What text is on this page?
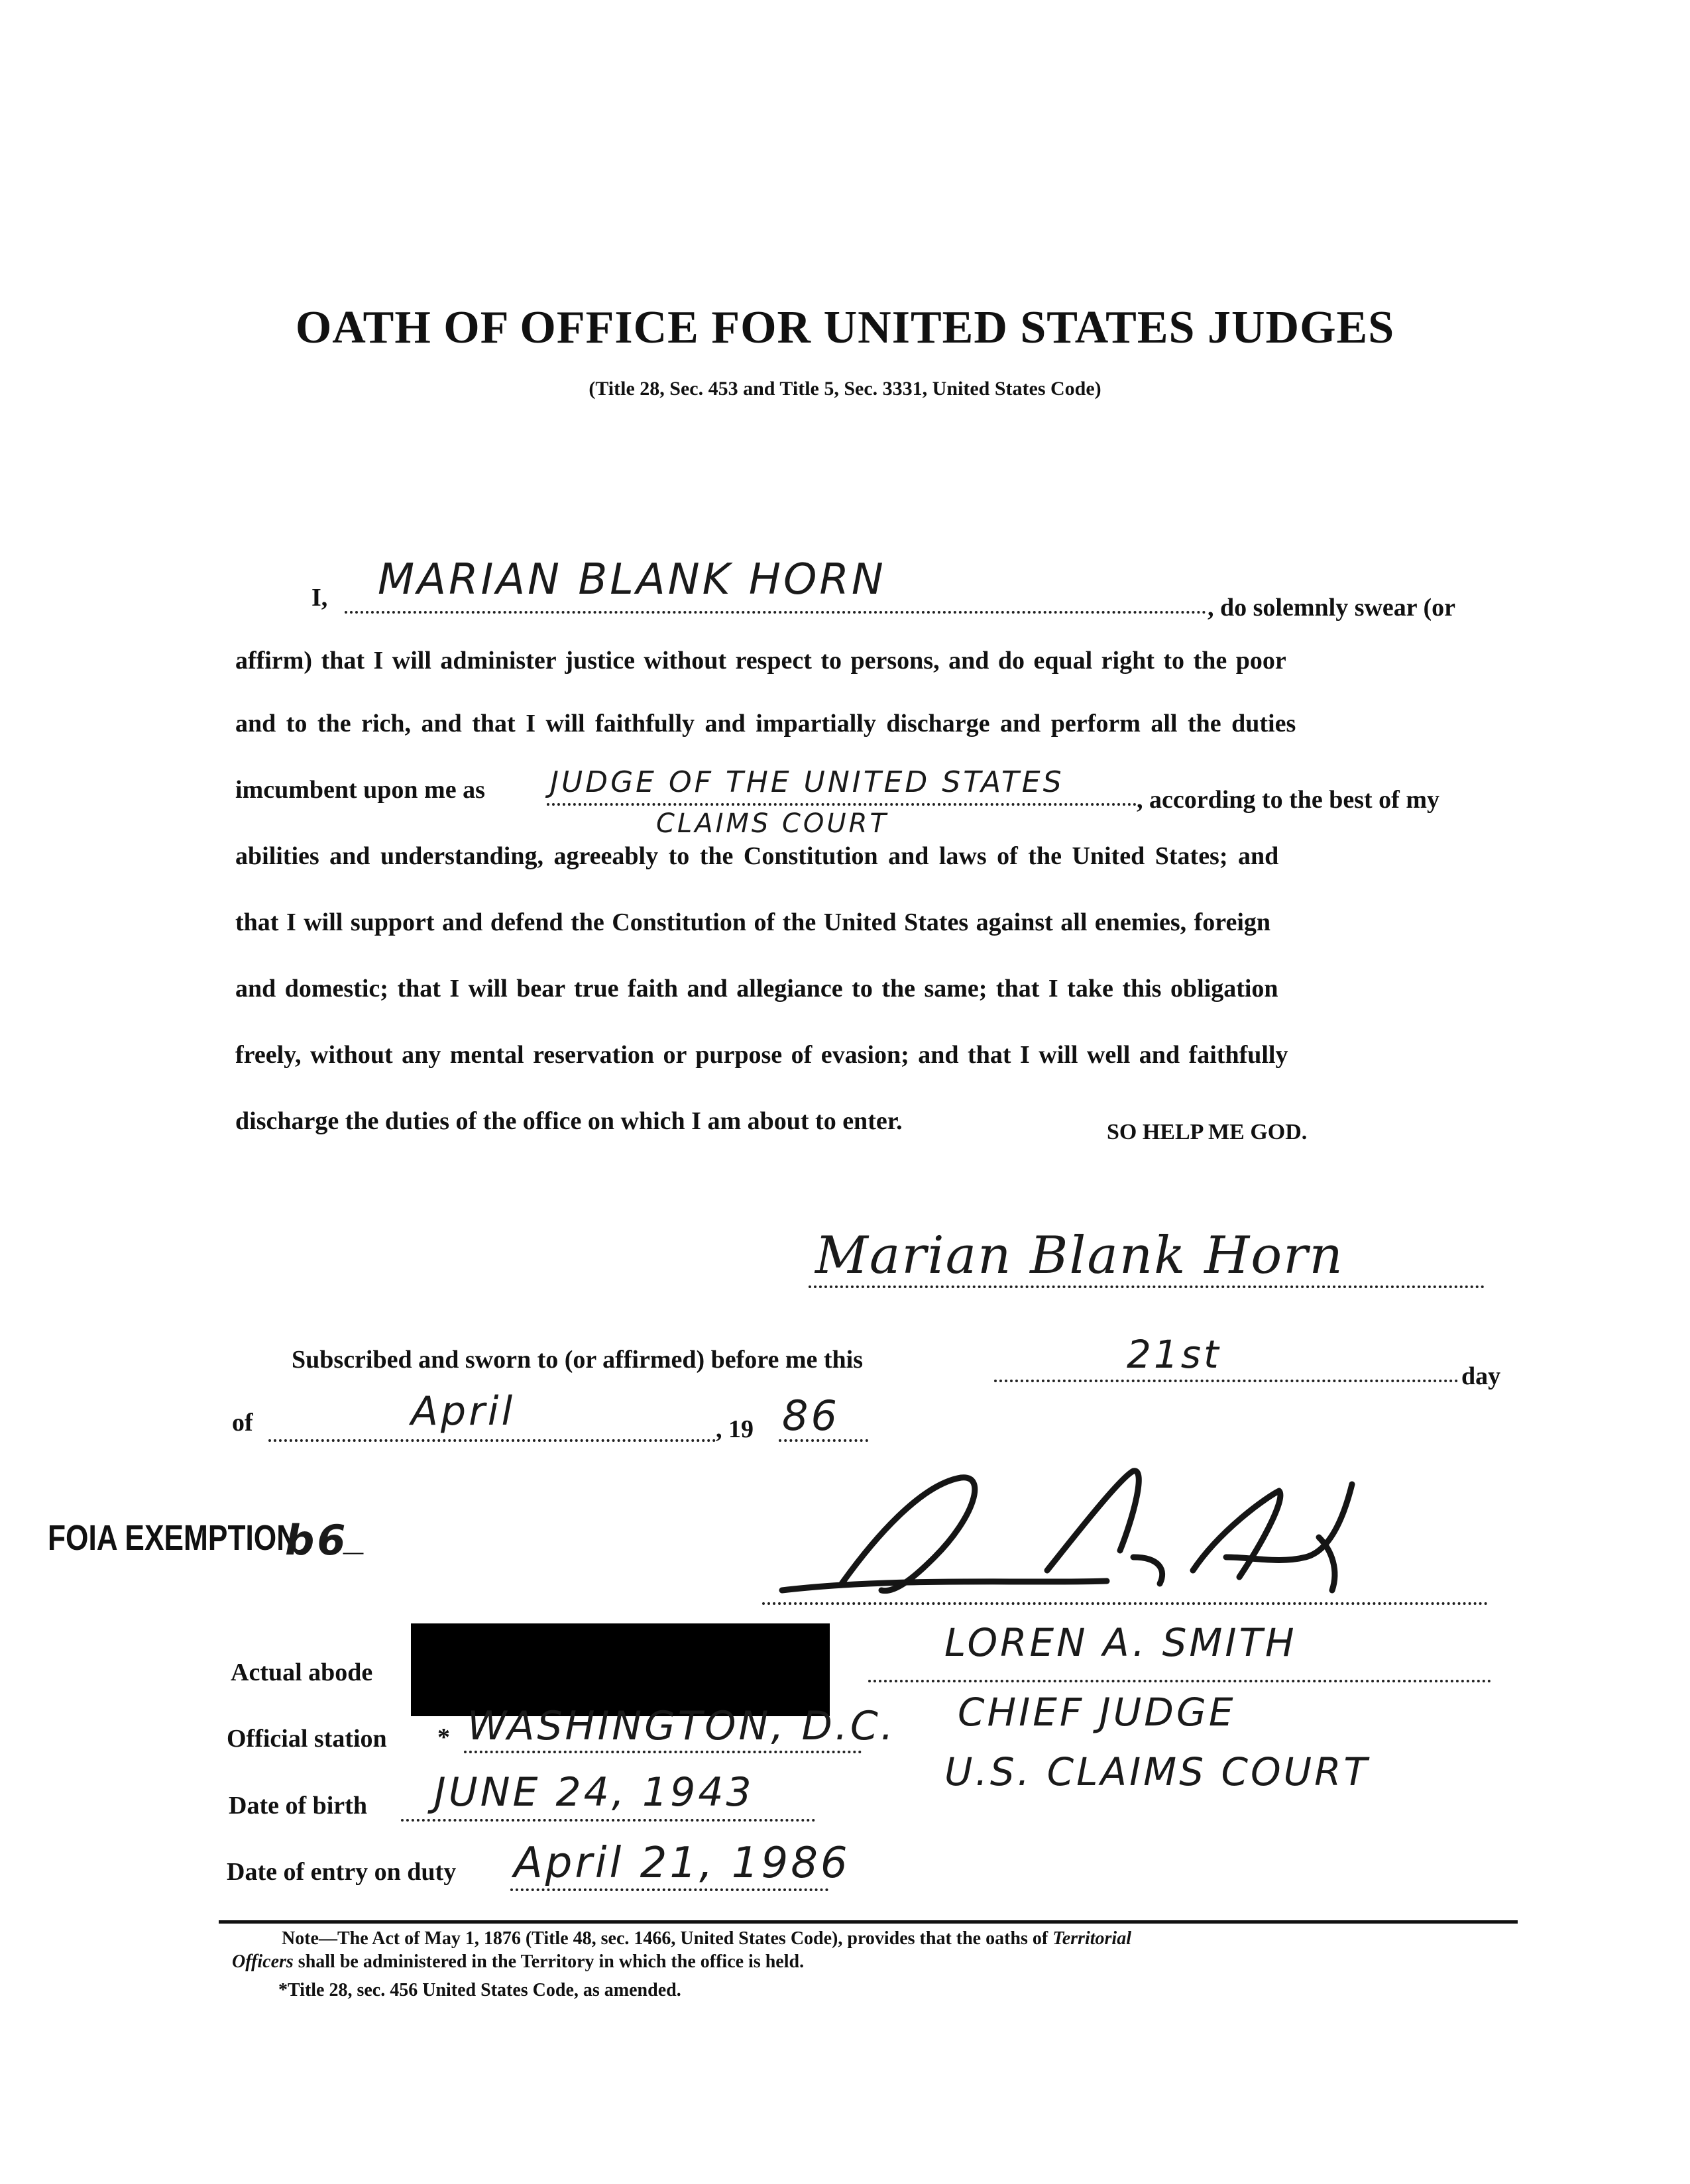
OATH OF OFFICE FOR UNITED STATES JUDGES
(Title 28, Sec. 453 and Title 5, Sec. 3331, United States Code)
I, MARIAN BLANK HORN
, do solemnly swear (or
affirm) that I will administer justice without respect to persons, and do equal right to the poor
and to the rich, and that I will faithfully and impartially discharge and perform all the duties
imcumbent upon me as JUDGE OF THE UNITED STATES
CLAIMS COURT
, according to the best of my
abilities and understanding, agreeably to the Constitution and laws of the United States; and
that I will support and defend the Constitution of the United States against all enemies, foreign
and domestic; that I will bear true faith and allegiance to the same; that I take this obligation
freely, without any mental reservation or purpose of evasion; and that I will well and faithfully
discharge the duties of the office on which I am about to enter.	SO HELP ME GOD.
Marian Blank Horn
Subscribed and sworn to (or affirmed) before me this	21st	day
of	April	, 19 86
FOIA EXEMPTION
b6
_
LOREN A. SMITH
CHIEF JUDGE
U.S. CLAIMS COURT
Actual abode
Official station * WASHINGTON, D.C.
Date of birth JUNE 24, 1943
Date of entry on duty April 21, 1986
Note—The Act of May 1, 1876 (Title 48, sec. 1466, United States Code), provides that the oaths of Territorial
Officers shall be administered in the Territory in which the office is held.
*Title 28, sec. 456 United States Code, as amended.
